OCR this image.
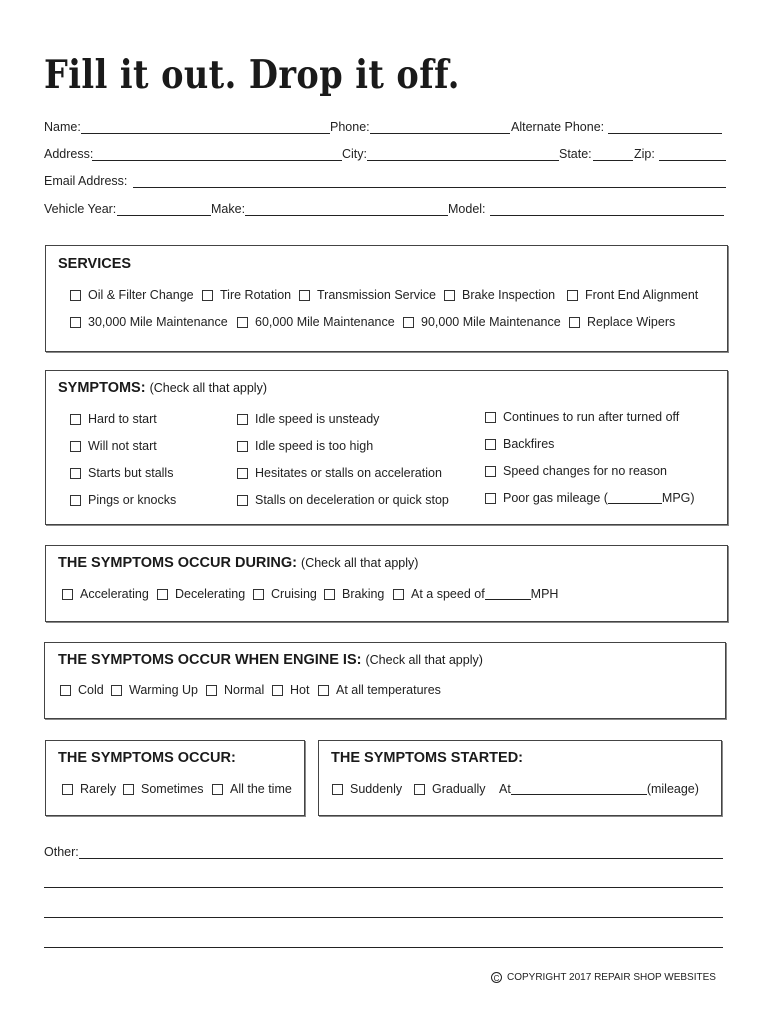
Fill it out. Drop it off.
Name:	Phone:	Alternate Phone:
Address:	City:	State:	Zip:
Email Address:
Vehicle Year:	Make:	Model:
SERVICES
Oil & Filter Change Tire Rotation Transmission Service Brake Inspection Front End Alignment
30,000 Mile Maintenance 60,000 Mile Maintenance 90,000 Mile Maintenance Replace Wipers
SYMPTOMS: (Check all that apply)
Hard to start
Will not start
Starts but stalls
Pings or knocks
Idle speed is unsteady
Idle speed is too high
Hesitates or stalls on acceleration
Stalls on deceleration or quick stop
Continues to run after turned off
Backfires
Speed changes for no reason
Poor gas mileage (	MPG)
THE SYMPTOMS OCCUR DURING: (Check all that apply)
Accelerating Decelerating Cruising Braking At a speed of	MPH
THE SYMPTOMS OCCUR WHEN ENGINE IS: (Check all that apply)
Cold Warming Up Normal Hot At all temperatures
THE SYMPTOMS OCCUR:
Rarely Sometimes All the time
THE SYMPTOMS STARTED:
Suddenly Gradually At	(mileage)
Other:
C COPYRIGHT 2017 REPAIR SHOP WEBSITES
